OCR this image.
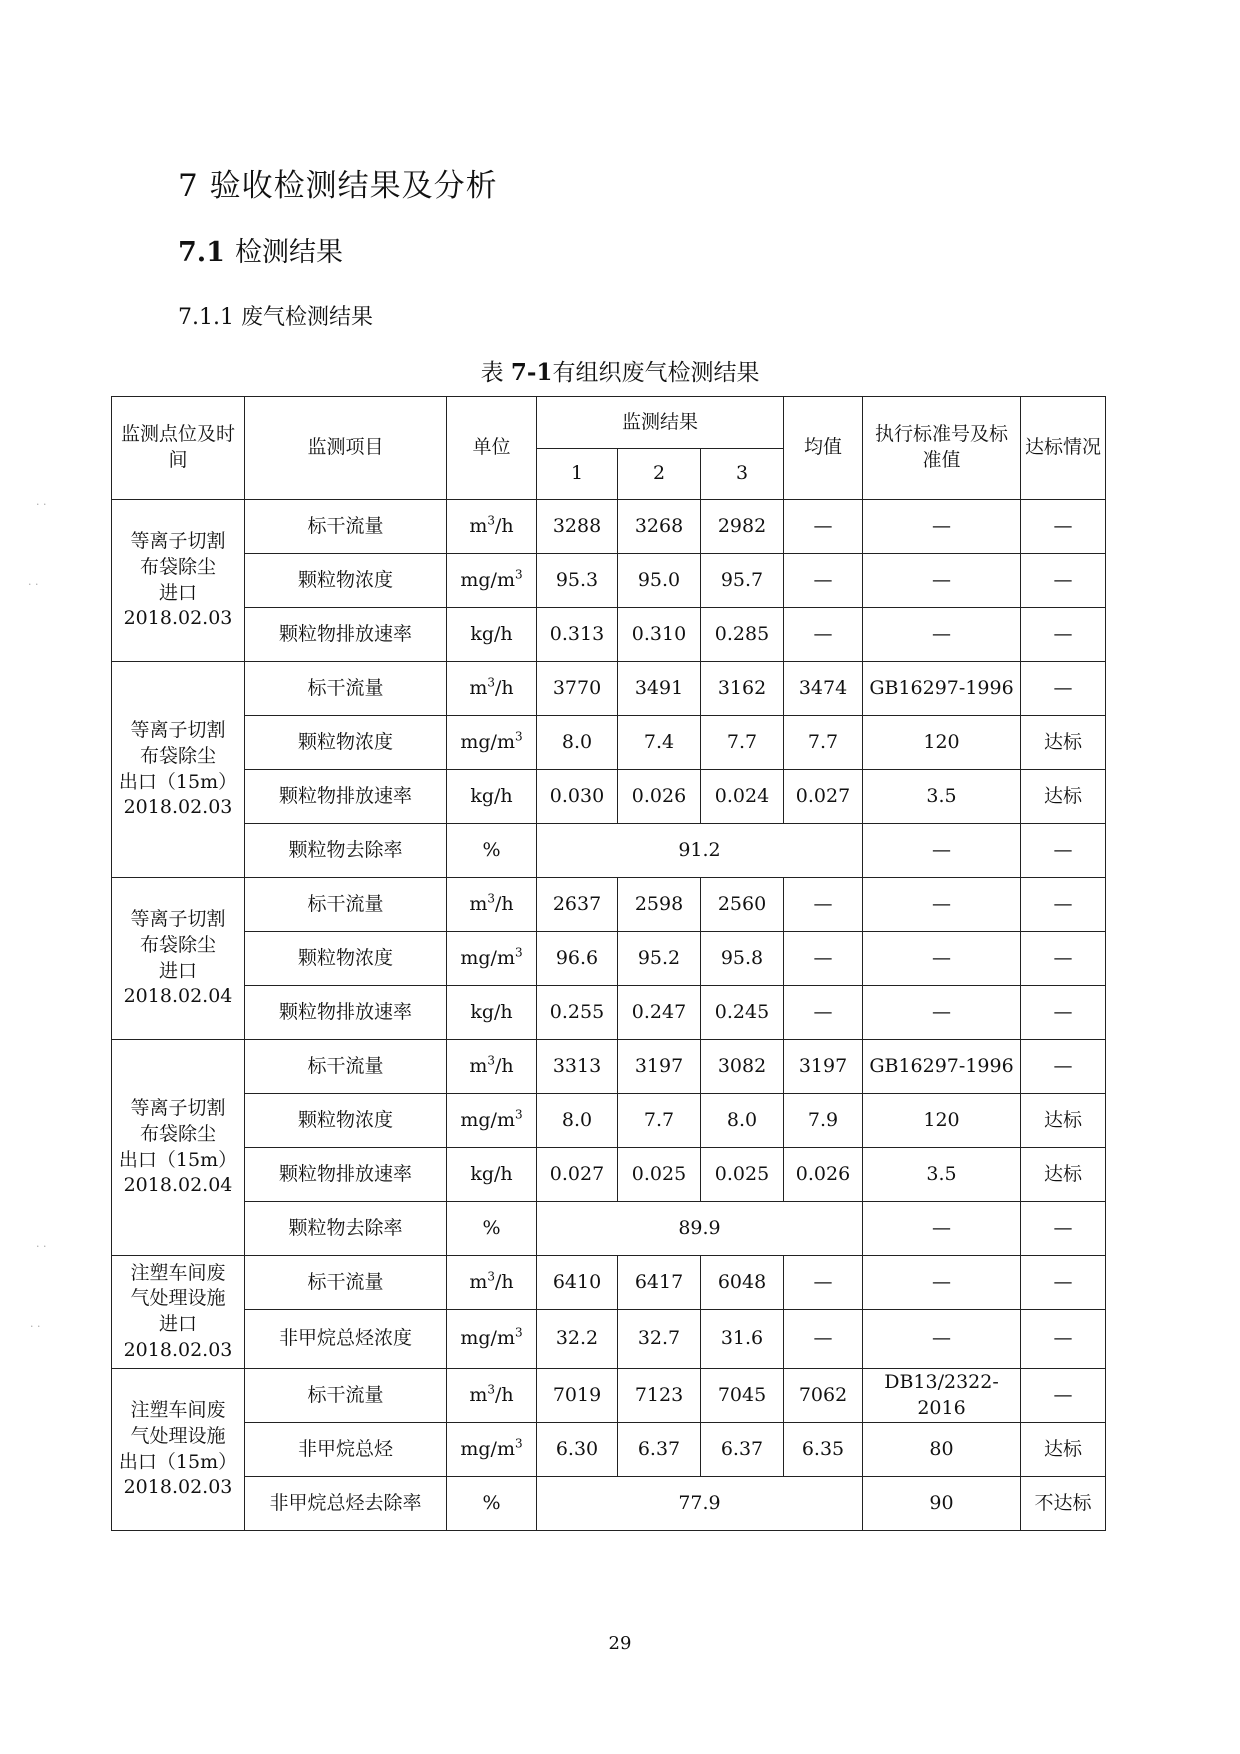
7 验收检测结果及分析
7.1 检测结果
7.1.1 废气检测结果
表 7-1有组织废气检测结果
监测点位及时间	监测项目	单位	监测结果			均值	执行标准号及标准值	达标情况
			1	2	3			

等离子切割
布袋除尘
进口
2018.02.03	标干流量	$m^3/h$	3288	3268	2982	—	—	—
	颗粒物浓度	$mg/m^3$	95.3	95.0	95.7	—	—	—
	颗粒物排放速率	kg/h	0.313	0.310	0.285	—	—	—

等离子切割
布袋除尘
出口（15m）
2018.02.03	标干流量	$m^3/h$	3770	3491	3162	3474	GB16297-1996	—
	颗粒物浓度	$mg/m^3$	8.0	7.4	7.7	7.7	120	达标
	颗粒物排放速率	kg/h	0.030	0.026	0.024	0.027	3.5	达标
	颗粒物去除率	%	91.2				—	—

等离子切割
布袋除尘
进口
2018.02.04	标干流量	$m^3/h$	2637	2598	2560	—	—	—
	颗粒物浓度	$mg/m^3$	96.6	95.2	95.8	—	—	—
	颗粒物排放速率	kg/h	0.255	0.247	0.245	—	—	—

等离子切割
布袋除尘
出口（15m）
2018.02.04	标干流量	$m^3/h$	3313	3197	3082	3197	GB16297-1996	—
	颗粒物浓度	$mg/m^3$	8.0	7.7	8.0	7.9	120	达标
	颗粒物排放速率	kg/h	0.027	0.025	0.025	0.026	3.5	达标
	颗粒物去除率	%	89.9				—	—

注塑车间废
气处理设施
进口
2018.02.03	标干流量	$m^3/h$	6410	6417	6048	—	—	—
	非甲烷总烃浓度	$mg/m^3$	32.2	32.7	31.6	—	—	—

注塑车间废
气处理设施
出口（15m）
2018.02.03	标干流量	$m^3/h$	7019	7123	7045	7062	DB13/2322-2016	—
	非甲烷总烃	$mg/m^3$	6.30	6.37	6.37	6.35	80	达标
	非甲烷总烃去除率	%	77.9				90	不达标
29
· ·
· ·
· ·
· ·
